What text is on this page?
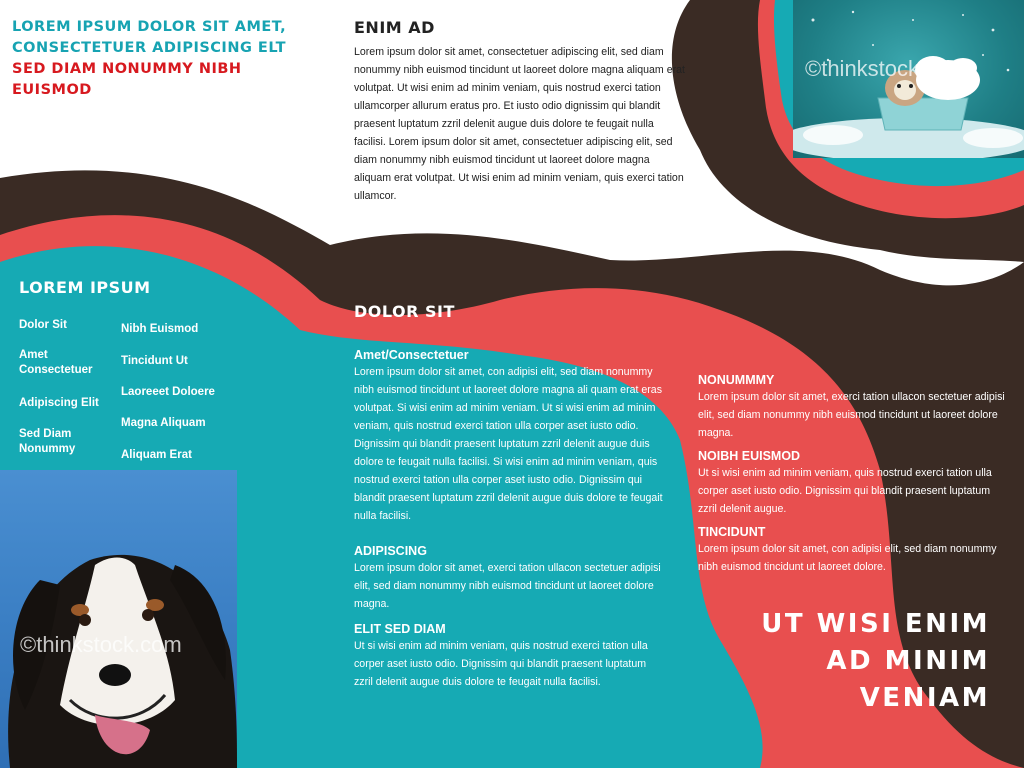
LOREM IPSUM DOLOR SIT AMET, CONSECTETUER ADIPISCING ELT
SED DIAM NONUMMY NIBH EUISMOD
ENIM AD

Lorem ipsum dolor sit amet, consectetuer adipiscing elit, sed diam nonummy nibh euismod tincidunt ut laoreet dolore magna aliquam erat volutpat. Ut wisi enim ad minim veniam, quis nostrud exerci tation ullamcorper allurum eratus pro. Et iusto odio dignissim qui blandit praesent luptatum zzril delenit augue duis dolore te feugait nulla facilisi. Lorem ipsum dolor sit amet, consectetuer adipiscing elit, sed diam nonummy nibh euismod tincidunt ut laoreet dolore magna aliquam erat volutpat. Ut wisi enim ad minim veniam, quis exerci tation ullamcor.

©thinkstock.com
LOREM IPSUM
Dolor Sit
Amet Consectetuer
Adipiscing Elit
Sed Diam Nonummy
Nibh Euismod
Tincidunt Ut
Laoreeet Doloere
Magna Aliquam
Aliquam Erat
©thinkstock.com
DOLOR SIT
Amet/Consectetuer

Lorem ipsum dolor sit amet, con adipisi elit, sed diam nonummy nibh euismod tincidunt ut laoreet dolore magna ali quam erat eras volutpat. Si wisi enim ad minim veniam. Ut si wisi enim ad minim veniam, quis nostrud exerci tation ulla corper aset iusto odio. Dignissim qui blandit praesent luptatum zzril delenit augue duis dolore te feugait nulla facilisi. Si wisi enim ad minim veniam, quis nostrud exerci tation ulla corper aset iusto odio. Dignissim qui blandit praesent luptatum zzril delenit augue duis dolore te feugait nulla facilisi.

ADIPISCING

Lorem ipsum dolor sit amet, exerci tation ullacon sectetuer adipisi elit, sed diam nonummy nibh euismod tincidunt ut laoreet dolore magna.

ELIT SED DIAM

Ut si wisi enim ad minim veniam, quis nostrud exerci tation ulla corper aset iusto odio. Dignissim qui blandit praesent luptatum zzril delenit augue duis dolore te feugait nulla facilisi.

NONUMMMY

Lorem ipsum dolor sit amet, exerci tation ullacon sectetuer adipisi elit, sed diam nonummy nibh euismod tincidunt ut laoreet dolore magna.

NOIBH EUISMOD

Ut si wisi enim ad minim veniam, quis nostrud exerci tation ulla corper aset iusto odio. Dignissim qui blandit praesent luptatum zzril delenit augue.

TINCIDUNT

Lorem ipsum dolor sit amet, con adipisi elit, sed diam nonummy nibh euismod tincidunt ut laoreet dolore.

UT WISI ENIM
AD MINIM
VENIAM
